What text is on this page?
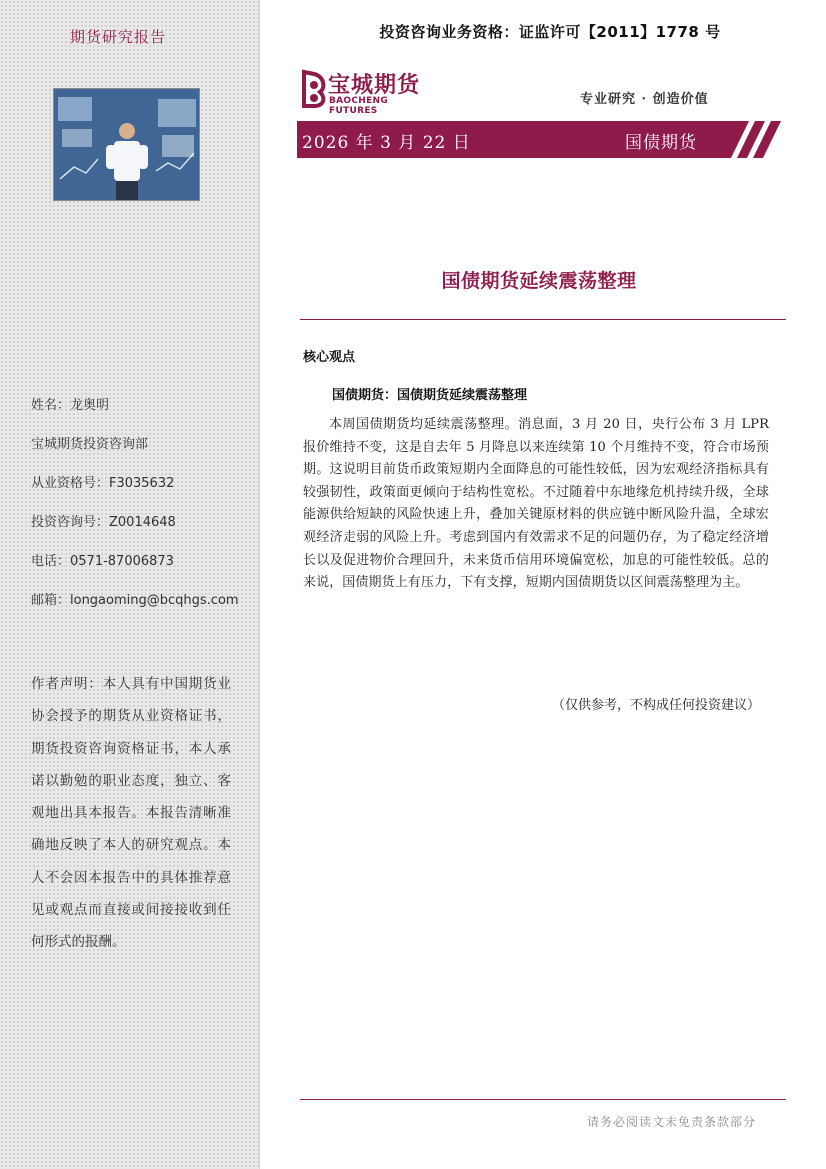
期货研究报告
姓名：龙奥明
宝城期货投资咨询部
从业资格号：F3035632
投资咨询号：Z0014648
电话：0571-87006873
邮箱：longaoming@bcqhgs.com
作者声明：本人具有中国期货业协会授予的期货从业资格证书，期货投资咨询资格证书，本人承诺以勤勉的职业态度，独立、客观地出具本报告。本报告清晰准确地反映了本人的研究观点。本人不会因本报告中的具体推荐意见或观点而直接或间接接收到任何形式的报酬。
投资咨询业务资格：证监许可【2011】1778 号
宝城期货
BAOCHENG FUTURES
专业研究 · 创造价值
2026 年 3 月 22 日	国债期货
国债期货延续震荡整理
核心观点
国债期货：国债期货延续震荡整理
本周国债期货均延续震荡整理。消息面，3 月 20 日，央行公布 3 月 LPR 报价维持不变，这是自去年 5 月降息以来连续第 10 个月维持不变，符合市场预期。这说明目前货币政策短期内全面降息的可能性较低，因为宏观经济指标具有较强韧性，政策面更倾向于结构性宽松。不过随着中东地缘危机持续升级，全球能源供给短缺的风险快速上升，叠加关键原材料的供应链中断风险升温，全球宏观经济走弱的风险上升。考虑到国内有效需求不足的问题仍存，为了稳定经济增长以及促进物价合理回升，未来货币信用环境偏宽松，加息的可能性较低。总的来说，国债期货上有压力，下有支撑，短期内国债期货以区间震荡整理为主。
（仅供参考，不构成任何投资建议）
请务必阅读文末免责条款部分
